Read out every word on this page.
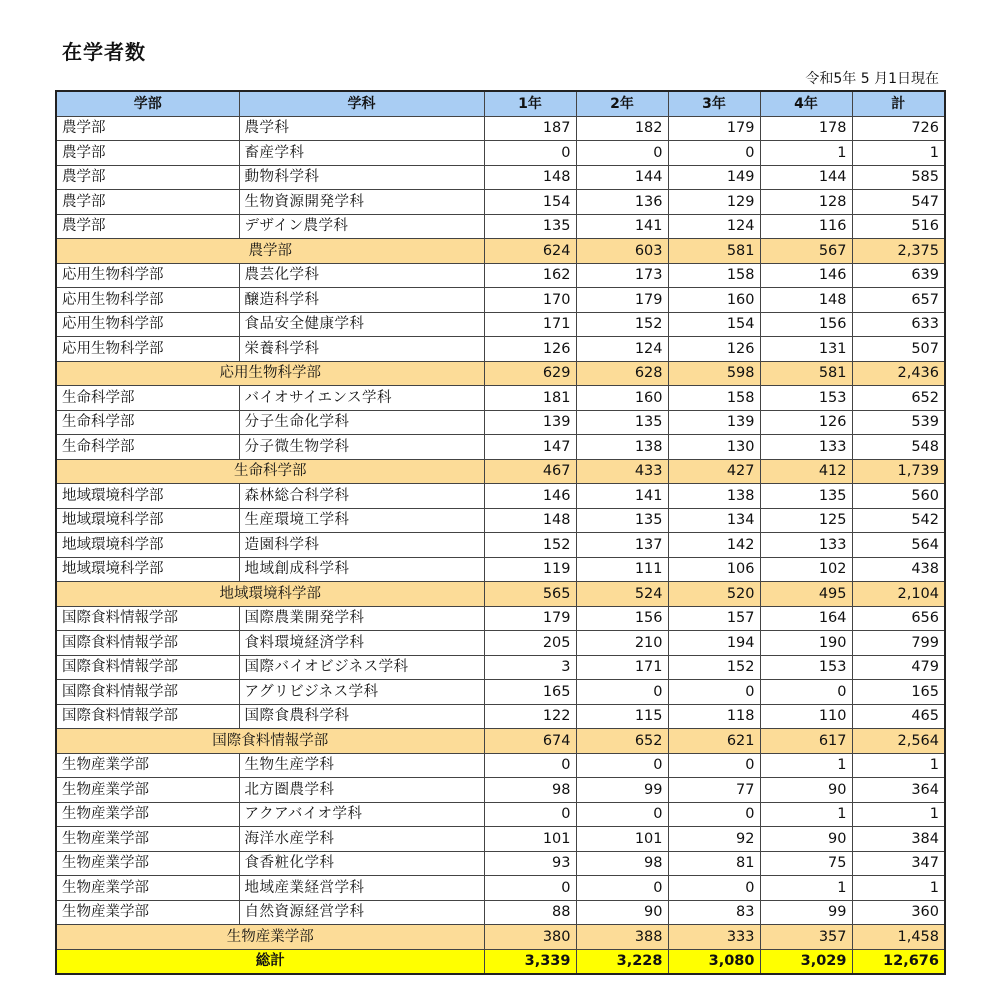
在学者数
令和5年 5 月1日現在
学部	学科	1年	2年	3年	4年	計
農学部	農学科	187	182	179	178	726
農学部	畜産学科	0	0	0	1	1
農学部	動物科学科	148	144	149	144	585
農学部	生物資源開発学科	154	136	129	128	547
農学部	デザイン農学科	135	141	124	116	516
農学部		624	603	581	567	2,375
応用生物科学部	農芸化学科	162	173	158	146	639
応用生物科学部	醸造科学科	170	179	160	148	657
応用生物科学部	食品安全健康学科	171	152	154	156	633
応用生物科学部	栄養科学科	126	124	126	131	507
応用生物科学部		629	628	598	581	2,436
生命科学部	バイオサイエンス学科	181	160	158	153	652
生命科学部	分子生命化学科	139	135	139	126	539
生命科学部	分子微生物学科	147	138	130	133	548
生命科学部		467	433	427	412	1,739
地域環境科学部	森林総合科学科	146	141	138	135	560
地域環境科学部	生産環境工学科	148	135	134	125	542
地域環境科学部	造園科学科	152	137	142	133	564
地域環境科学部	地域創成科学科	119	111	106	102	438
地域環境科学部		565	524	520	495	2,104
国際食料情報学部	国際農業開発学科	179	156	157	164	656
国際食料情報学部	食料環境経済学科	205	210	194	190	799
国際食料情報学部	国際バイオビジネス学科	3	171	152	153	479
国際食料情報学部	アグリビジネス学科	165	0	0	0	165
国際食料情報学部	国際食農科学科	122	115	118	110	465
国際食料情報学部		674	652	621	617	2,564
生物産業学部	生物生産学科	0	0	0	1	1
生物産業学部	北方圏農学科	98	99	77	90	364
生物産業学部	アクアバイオ学科	0	0	0	1	1
生物産業学部	海洋水産学科	101	101	92	90	384
生物産業学部	食香粧化学科	93	98	81	75	347
生物産業学部	地域産業経営学科	0	0	0	1	1
生物産業学部	自然資源経営学科	88	90	83	99	360
生物産業学部		380	388	333	357	1,458
総計		3,339	3,228	3,080	3,029	12,676
